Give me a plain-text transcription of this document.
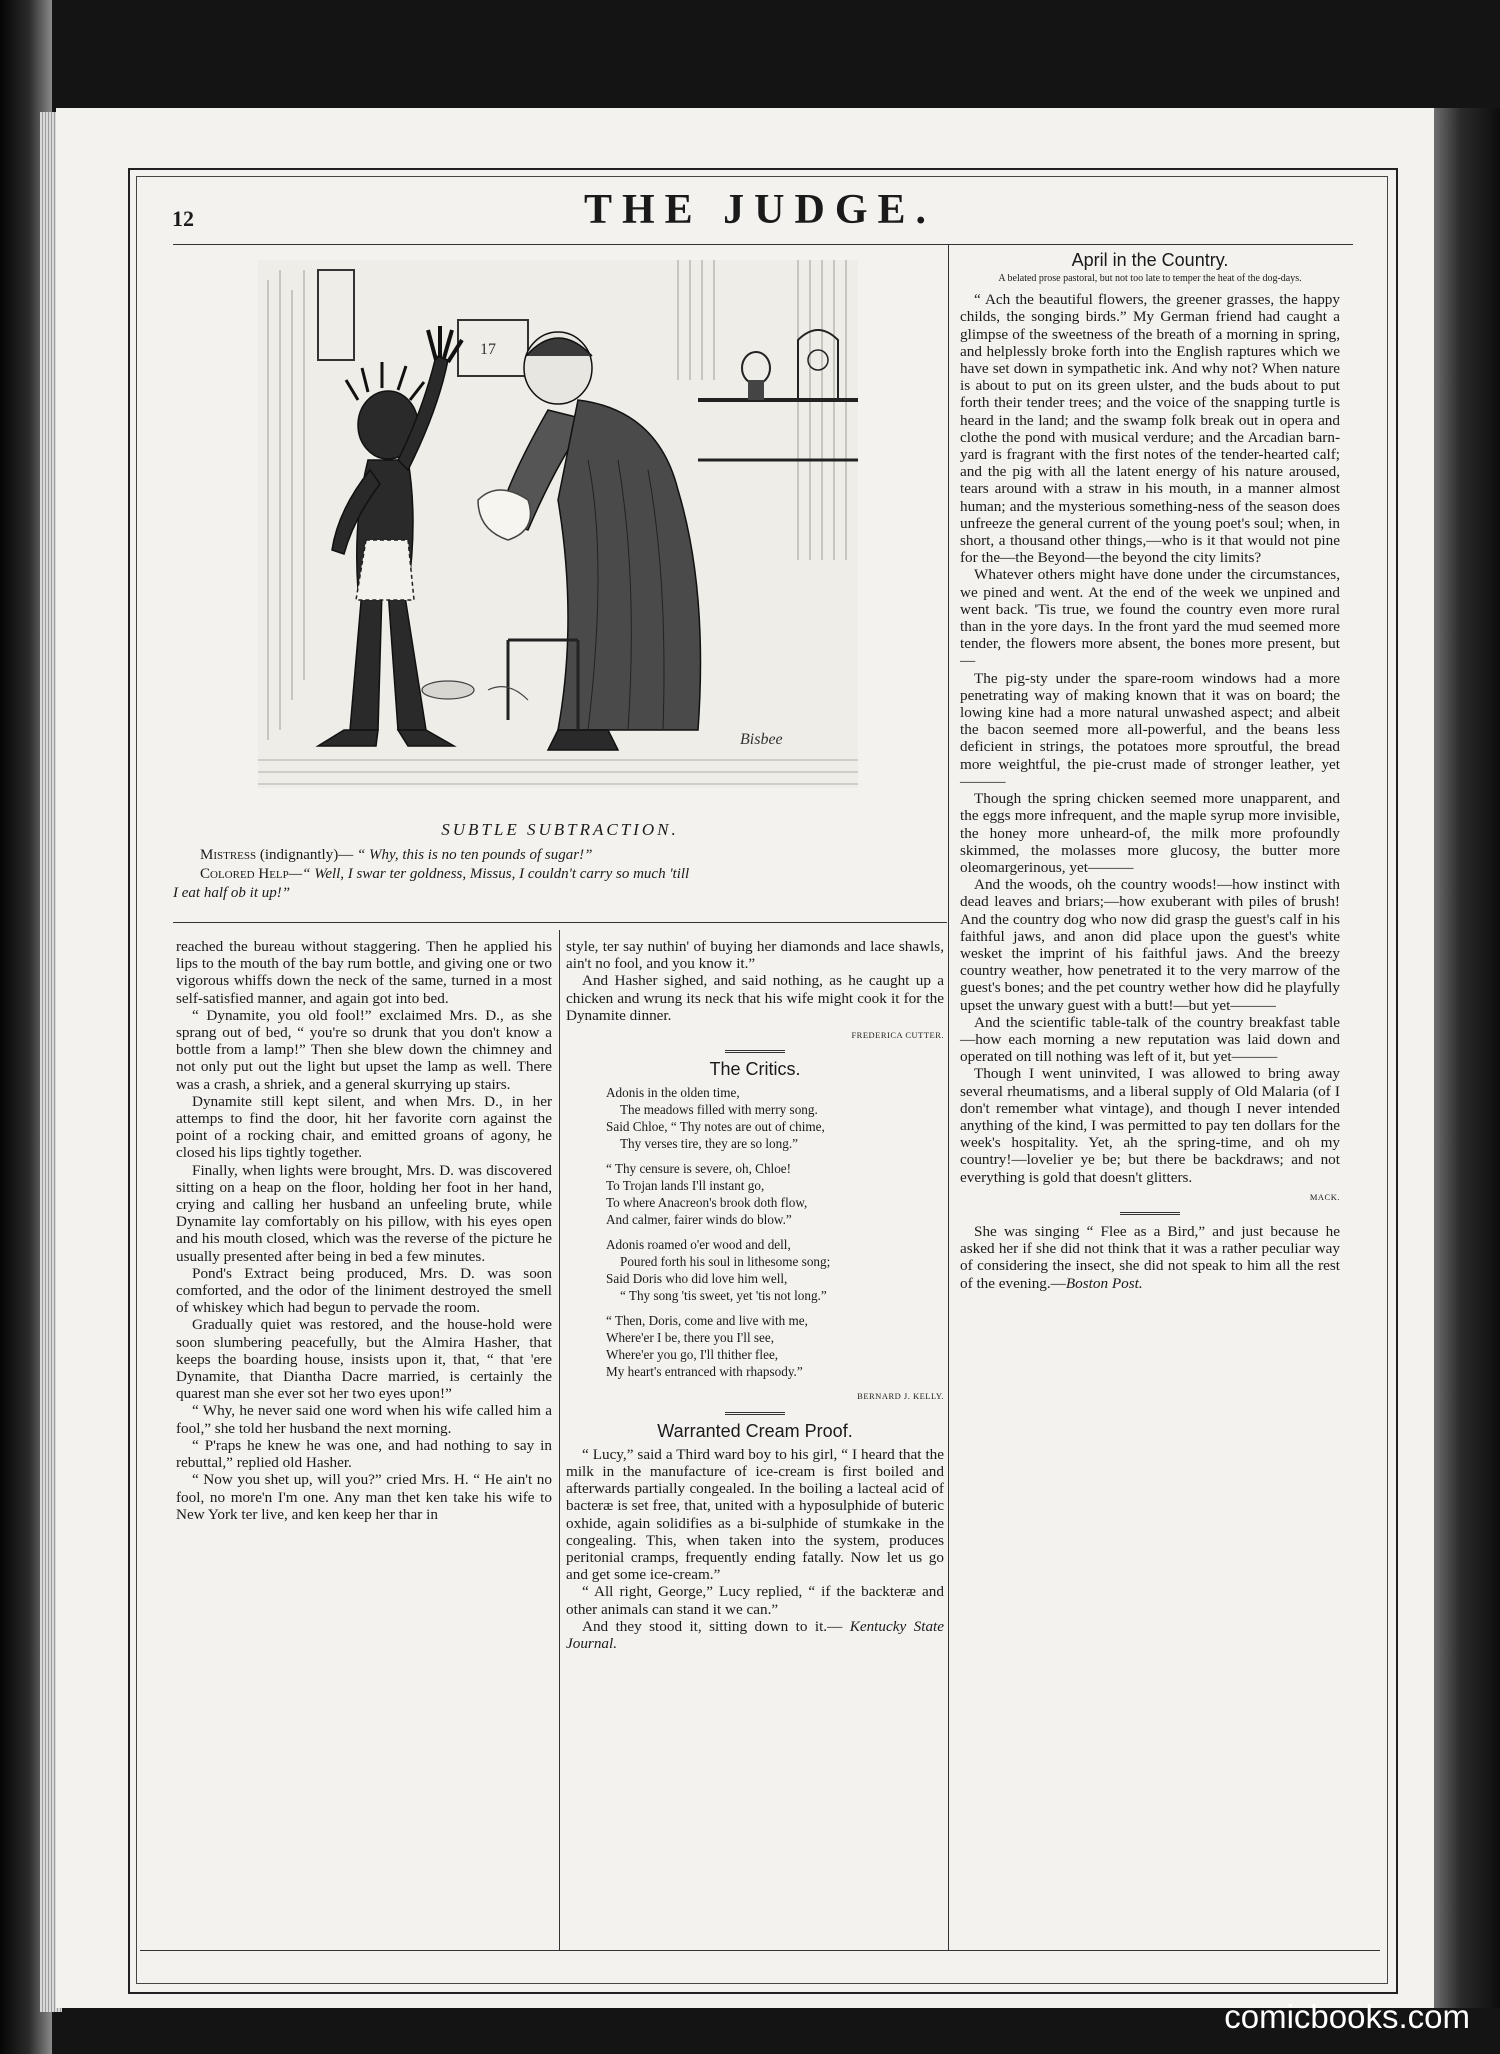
12	THE JUDGE.
17
Bisbee
SUBTLE SUBTRACTION.
Mistress (indignantly)— “ Why, this is no ten pounds of sugar!”
Colored Help—“ Well, I swar ter goldness, Missus, I couldn't carry so much 'till
I eat half ob it up!”

reached the bureau without staggering. Then he applied his lips to the mouth of the bay rum bottle, and giving one or two vigorous whiffs down the neck of the same, turned in a most self-satisfied manner, and again got into bed.

“ Dynamite, you old fool!” exclaimed Mrs. D., as she sprang out of bed, “ you're so drunk that you don't know a bottle from a lamp!” Then she blew down the chimney and not only put out the light but upset the lamp as well. There was a crash, a shriek, and a general skurrying up stairs.

Dynamite still kept silent, and when Mrs. D., in her attemps to find the door, hit her favorite corn against the point of a rocking chair, and emitted groans of agony, he closed his lips tightly together.

Finally, when lights were brought, Mrs. D. was discovered sitting on a heap on the floor, holding her foot in her hand, crying and calling her husband an unfeeling brute, while Dynamite lay comfortably on his pillow, with his eyes open and his mouth closed, which was the reverse of the picture he usually presented after being in bed a few minutes.

Pond's Extract being produced, Mrs. D. was soon comforted, and the odor of the liniment destroyed the smell of whiskey which had begun to pervade the room.

Gradually quiet was restored, and the house-hold were soon slumbering peacefully, but the Almira Hasher, that keeps the boarding house, insists upon it, that, “ that 'ere Dynamite, that Diantha Dacre married, is certainly the quarest man she ever sot her two eyes upon!”

“ Why, he never said one word when his wife called him a fool,” she told her husband the next morning.

“ P'raps he knew he was one, and had nothing to say in rebuttal,” replied old Hasher.

“ Now you shet up, will you?” cried Mrs. H. “ He ain't no fool, no more'n I'm one. Any man thet ken take his wife to New York ter live, and ken keep her thar in

style, ter say nuthin' of buying her diamonds and lace shawls, ain't no fool, and you know it.”

And Hasher sighed, and said nothing, as he caught up a chicken and wrung its neck that his wife might cook it for the Dynamite dinner.

FREDERICA CUTTER.
The Critics.
Adonis in the olden time,
The meadows filled with merry song.
Said Chloe, “ Thy notes are out of chime,
Thy verses tire, they are so long.”
“ Thy censure is severe, oh, Chloe!
To Trojan lands I'll instant go,
To where Anacreon's brook doth flow,
And calmer, fairer winds do blow.”
Adonis roamed o'er wood and dell,
Poured forth his soul in lithesome song;
Said Doris who did love him well,
“ Thy song 'tis sweet, yet 'tis not long.”
“ Then, Doris, come and live with me,
Where'er I be, there you I'll see,
Where'er you go, I'll thither flee,
My heart's entranced with rhapsody.”
BERNARD J. KELLY.
Warranted Cream Proof.

“ Lucy,” said a Third ward boy to his girl, “ I heard that the milk in the manufacture of ice-cream is first boiled and afterwards partially congealed. In the boiling a lacteal acid of bacteræ is set free, that, united with a hyposulphide of buteric oxhide, again solidifies as a bi-sulphide of stumkake in the congealing. This, when taken into the system, produces peritonial cramps, frequently ending fatally. Now let us go and get some ice-cream.”

“ All right, George,” Lucy replied, “ if the backteræ and other animals can stand it we can.”

And they stood it, sitting down to it.— Kentucky State Journal.

April in the Country.
A belated prose pastoral, but not too late to temper the heat of the dog-days.

“ Ach the beautiful flowers, the greener grasses, the happy childs, the songing birds.” My German friend had caught a glimpse of the sweetness of the breath of a morning in spring, and helplessly broke forth into the English raptures which we have set down in sympathetic ink. And why not? When nature is about to put on its green ulster, and the buds about to put forth their tender trees; and the voice of the snapping turtle is heard in the land; and the swamp folk break out in opera and clothe the pond with musical verdure; and the Arcadian barn-yard is fragrant with the first notes of the tender-hearted calf; and the pig with all the latent energy of his nature aroused, tears around with a straw in his mouth, in a manner almost human; and the mysterious something-ness of the season does unfreeze the general current of the young poet's soul; when, in short, a thousand other things,—who is it that would not pine for the—the Beyond—the beyond the city limits?

Whatever others might have done under the circumstances, we pined and went. At the end of the week we unpined and went back. 'Tis true, we found the country even more rural than in the yore days. In the front yard the mud seemed more tender, the flowers more absent, the bones more present, but—

The pig-sty under the spare-room windows had a more penetrating way of making known that it was on board; the lowing kine had a more natural unwashed aspect; and albeit the bacon seemed more all-powerful, and the beans less deficient in strings, the potatoes more sproutful, the bread more weightful, the pie-crust made of stronger leather, yet———

Though the spring chicken seemed more unapparent, and the eggs more infrequent, and the maple syrup more invisible, the honey more unheard-of, the milk more profoundly skimmed, the molasses more glucosy, the butter more oleomargerinous, yet———

And the woods, oh the country woods!—how instinct with dead leaves and briars;—how exuberant with piles of brush! And the country dog who now did grasp the guest's calf in his faithful jaws, and anon did place upon the guest's white wesket the imprint of his faithful jaws. And the breezy country weather, how penetrated it to the very marrow of the guest's bones; and the pet country wether how did he playfully upset the unwary guest with a butt!—but yet———

And the scientific table-talk of the country breakfast table—how each morning a new reputation was laid down and operated on till nothing was left of it, but yet———

Though I went uninvited, I was allowed to bring away several rheumatisms, and a liberal supply of Old Malaria (of I don't remember what vintage), and though I never intended anything of the kind, I was permitted to pay ten dollars for the week's hospitality. Yet, ah the spring-time, and oh my country!—lovelier ye be; but there be backdraws; and not everything is gold that doesn't glitters.

MACK.

She was singing “ Flee as a Bird,” and just because he asked her if she did not think that it was a rather peculiar way of considering the insect, she did not speak to him all the rest of the evening.—Boston Post.

comicbooks.com
